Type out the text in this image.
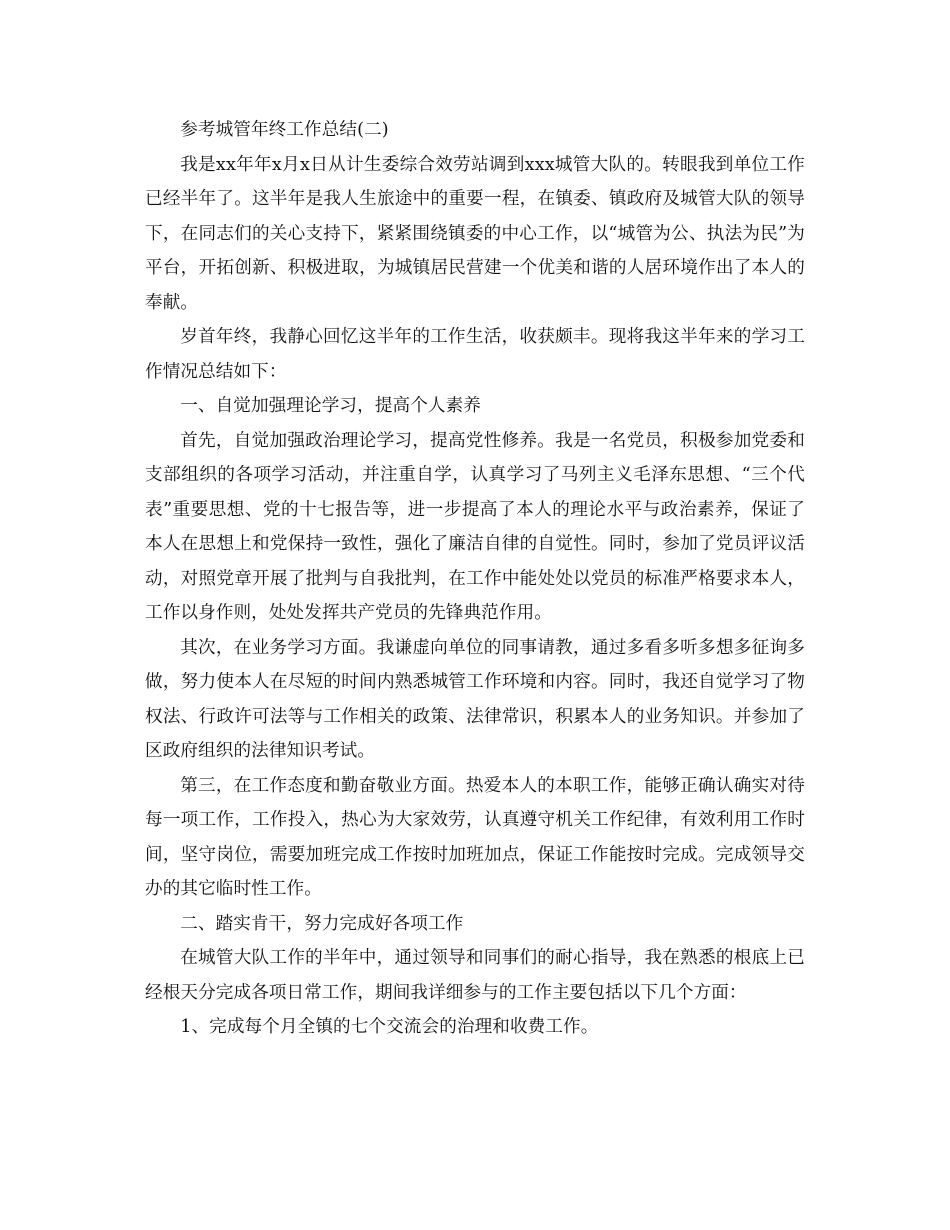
参考城管年终工作总结(二)

我是xx年年x月x日从计生委综合效劳站调到xxx城管大队的。转眼我到单位工作已经半年了。这半年是我人生旅途中的重要一程，在镇委、镇政府及城管大队的领导下，在同志们的关心支持下，紧紧围绕镇委的中心工作，以“城管为公、执法为民”为平台，开拓创新、积极进取，为城镇居民营建一个优美和谐的人居环境作出了本人的奉献。

岁首年终，我静心回忆这半年的工作生活，收获颇丰。现将我这半年来的学习工作情况总结如下：

一、自觉加强理论学习，提高个人素养

首先，自觉加强政治理论学习，提高党性修养。我是一名党员，积极参加党委和支部组织的各项学习活动，并注重自学，认真学习了马列主义毛泽东思想、“三个代表”重要思想、党的十七报告等，进一步提高了本人的理论水平与政治素养，保证了本人在思想上和党保持一致性，强化了廉洁自律的自觉性。同时，参加了党员评议活动，对照党章开展了批判与自我批判，在工作中能处处以党员的标准严格要求本人，工作以身作则，处处发挥共产党员的先锋典范作用。

其次，在业务学习方面。我谦虚向单位的同事请教，通过多看多听多想多征询多做，努力使本人在尽短的时间内熟悉城管工作环境和内容。同时，我还自觉学习了物权法、行政许可法等与工作相关的政策、法律常识，积累本人的业务知识。并参加了区政府组织的法律知识考试。

第三，在工作态度和勤奋敬业方面。热爱本人的本职工作，能够正确认确实对待每一项工作，工作投入，热心为大家效劳，认真遵守机关工作纪律，有效利用工作时间，坚守岗位，需要加班完成工作按时加班加点，保证工作能按时完成。完成领导交办的其它临时性工作。

二、踏实肯干，努力完成好各项工作

在城管大队工作的半年中，通过领导和同事们的耐心指导，我在熟悉的根底上已经根天分完成各项日常工作，期间我详细参与的工作主要包括以下几个方面：

1、完成每个月全镇的七个交流会的治理和收费工作。
